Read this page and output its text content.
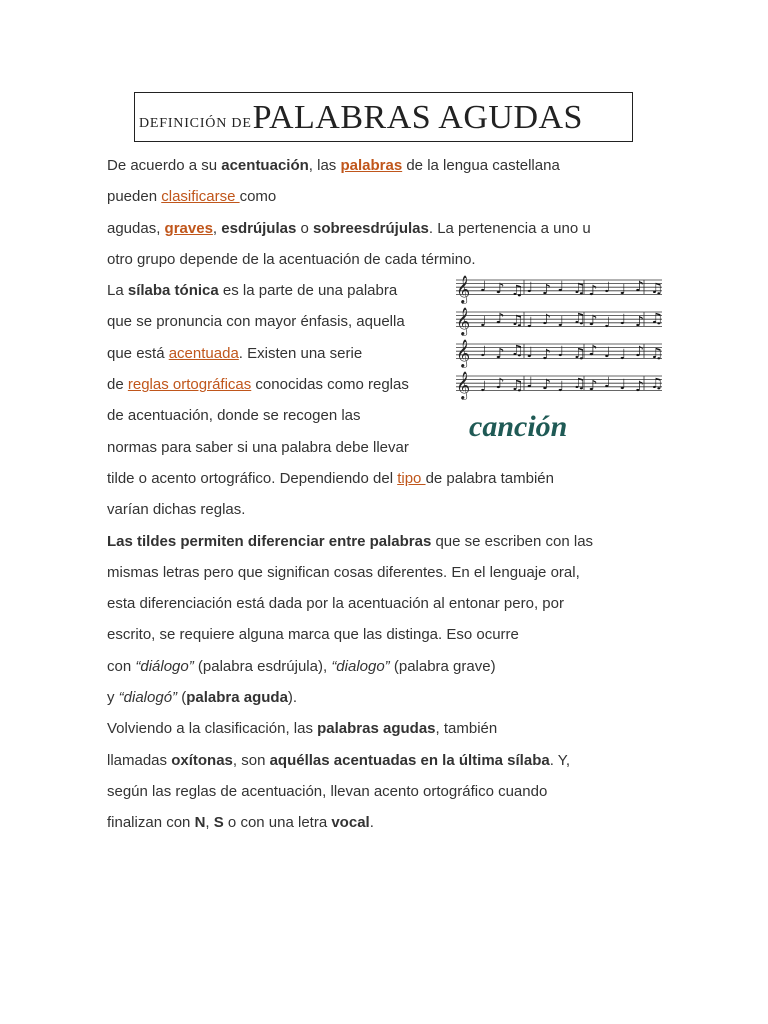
DEFINICIÓN DE PALABRAS AGUDAS
𝄞 ♩ ♪ ♫ ♩ ♪ ♩ ♫ ♪ ♩ ♩ ♪ ♫
𝄞 ♩ ♪ ♫ ♩ ♪ ♩ ♫ ♪ ♩ ♩ ♪ ♫
𝄞 ♩ ♪ ♫ ♩ ♪ ♩ ♫ ♪ ♩ ♩ ♪ ♫
𝄞 ♩ ♪ ♫ ♩ ♪ ♩ ♫ ♪ ♩ ♩ ♪ ♫
canción
De acuerdo a su acentuación, las palabras de la lengua castellana
pueden clasificarse como
agudas, graves, esdrújulas o sobreesdrújulas. La pertenencia a uno u
otro grupo depende de la acentuación de cada término.
La sílaba tónica es la parte de una palabra
que se pronuncia con mayor énfasis, aquella
que está acentuada. Existen una serie
de reglas ortográficas conocidas como reglas
de acentuación, donde se recogen las
normas para saber si una palabra debe llevar
tilde o acento ortográfico. Dependiendo del tipo de palabra también
varían dichas reglas.
Las tildes permiten diferenciar entre palabras que se escriben con las
mismas letras pero que significan cosas diferentes. En el lenguaje oral,
esta diferenciación está dada por la acentuación al entonar pero, por
escrito, se requiere alguna marca que las distinga. Eso ocurre
con “diálogo” (palabra esdrújula), “dialogo” (palabra grave)
y “dialogó” (palabra aguda).
Volviendo a la clasificación, las palabras agudas, también
llamadas oxítonas, son aquéllas acentuadas en la última sílaba. Y,
según las reglas de acentuación, llevan acento ortográfico cuando
finalizan con N, S o con una letra vocal.
